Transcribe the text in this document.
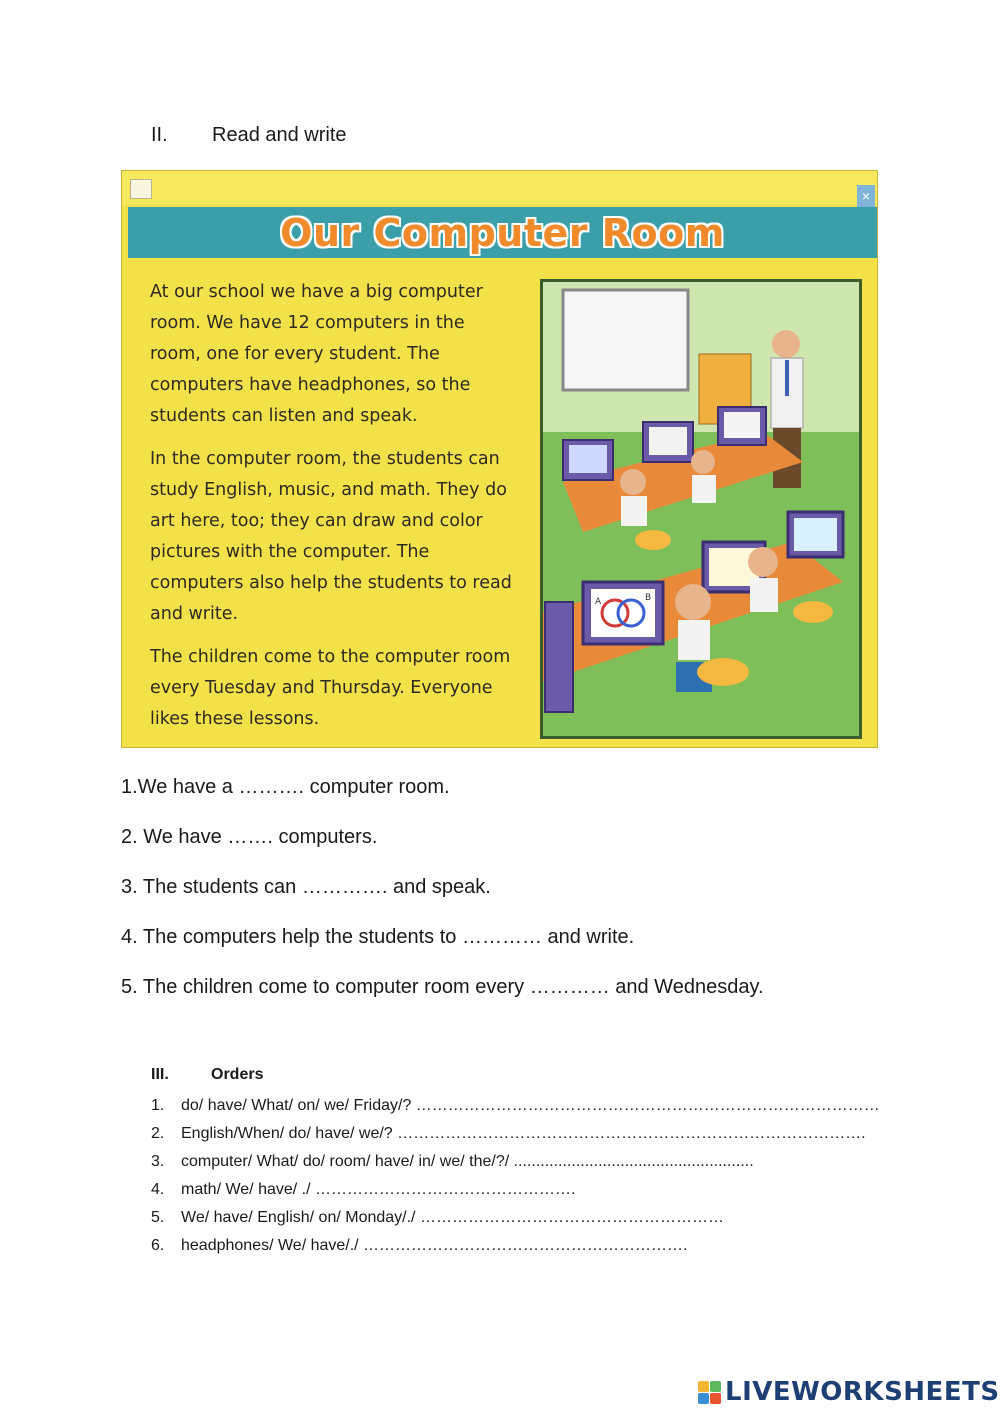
II. Read and write
×
Our Computer Room

At our school we have a big computer room. We have 12 computers in the room, one for every student. The computers have headphones, so the students can listen and speak.

In the computer room, the students can study English, music, and math. They do art here, too; they can draw and color pictures with the computer. The computers also help the students to read and write.

The children come to the computer room every Tuesday and Thursday. Everyone likes these lessons.

A	B
1.We have a ………. computer room.
2. We have ……. computers.
3. The students can …………. and speak.
4. The computers help the students to ………… and write.
5. The children come to computer room every ………… and Wednesday.
III.	Orders
1. do/ have/ What/ on/ we/ Friday/? ……………………………………………………………………………
2. English/When/ do/ have/ we/? …………………………………………………………………………….
3. computer/ What/ do/ room/ have/ in/ we/ the/?/ ......................................................
4. math/ We/ have/ ./ ………………………………………….
5. We/ have/ English/ on/ Monday/./ …………………………………………………
6. headphones/ We/ have/./ …………………………………………………….
LIVEWORKSHEETS
